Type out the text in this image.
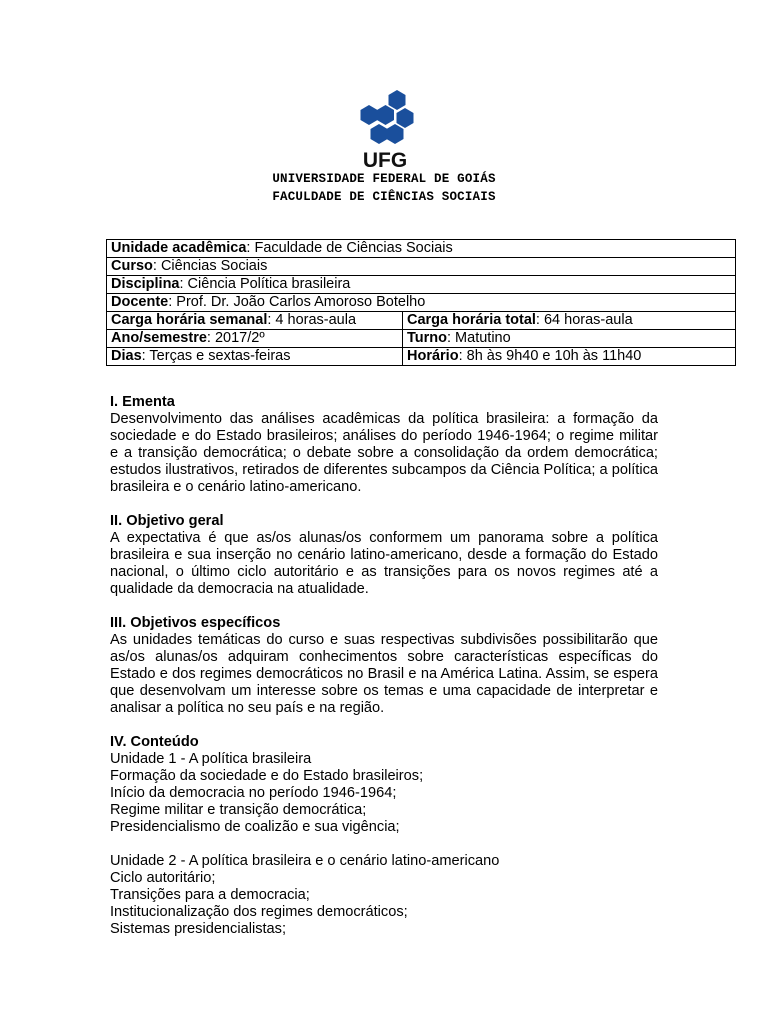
UFG
UNIVERSIDADE FEDERAL DE GOIÁS
FACULDADE DE CIÊNCIAS SOCIAIS
Unidade acadêmica: Faculdade de Ciências Sociais	
Curso: Ciências Sociais	
Disciplina: Ciência Política brasileira	
Docente: Prof. Dr. João Carlos Amoroso Botelho	
Carga horária semanal: 4 horas-aula	Carga horária total: 64 horas-aula
Ano/semestre: 2017/2º	Turno: Matutino
Dias: Terças e sextas-feiras	Horário: 8h às 9h40 e 10h às 11h40
I. Ementa

Desenvolvimento das análises acadêmicas da política brasileira: a formação da sociedade e do Estado brasileiros; análises do período 1946-1964; o regime militar e a transição democrática; o debate sobre a consolidação da ordem democrática; estudos ilustrativos, retirados de diferentes subcampos da Ciência Política; a política brasileira e o cenário latino-americano.

II. Objetivo geral

A expectativa é que as/os alunas/os conformem um panorama sobre a política brasileira e sua inserção no cenário latino-americano, desde a formação do Estado nacional, o último ciclo autoritário e as transições para os novos regimes até a qualidade da democracia na atualidade.

III. Objetivos específicos

As unidades temáticas do curso e suas respectivas subdivisões possibilitarão que as/os alunas/os adquiram conhecimentos sobre características específicas do Estado e dos regimes democráticos no Brasil e na América Latina. Assim, se espera que desenvolvam um interesse sobre os temas e uma capacidade de interpretar e analisar a política no seu país e na região.

IV. Conteúdo

Unidade 1 - A política brasileira

Formação da sociedade e do Estado brasileiros;

Início da democracia no período 1946-1964;

Regime militar e transição democrática;

Presidencialismo de coalizão e sua vigência;

Unidade 2 - A política brasileira e o cenário latino-americano

Ciclo autoritário;

Transições para a democracia;

Institucionalização dos regimes democráticos;

Sistemas presidencialistas;
